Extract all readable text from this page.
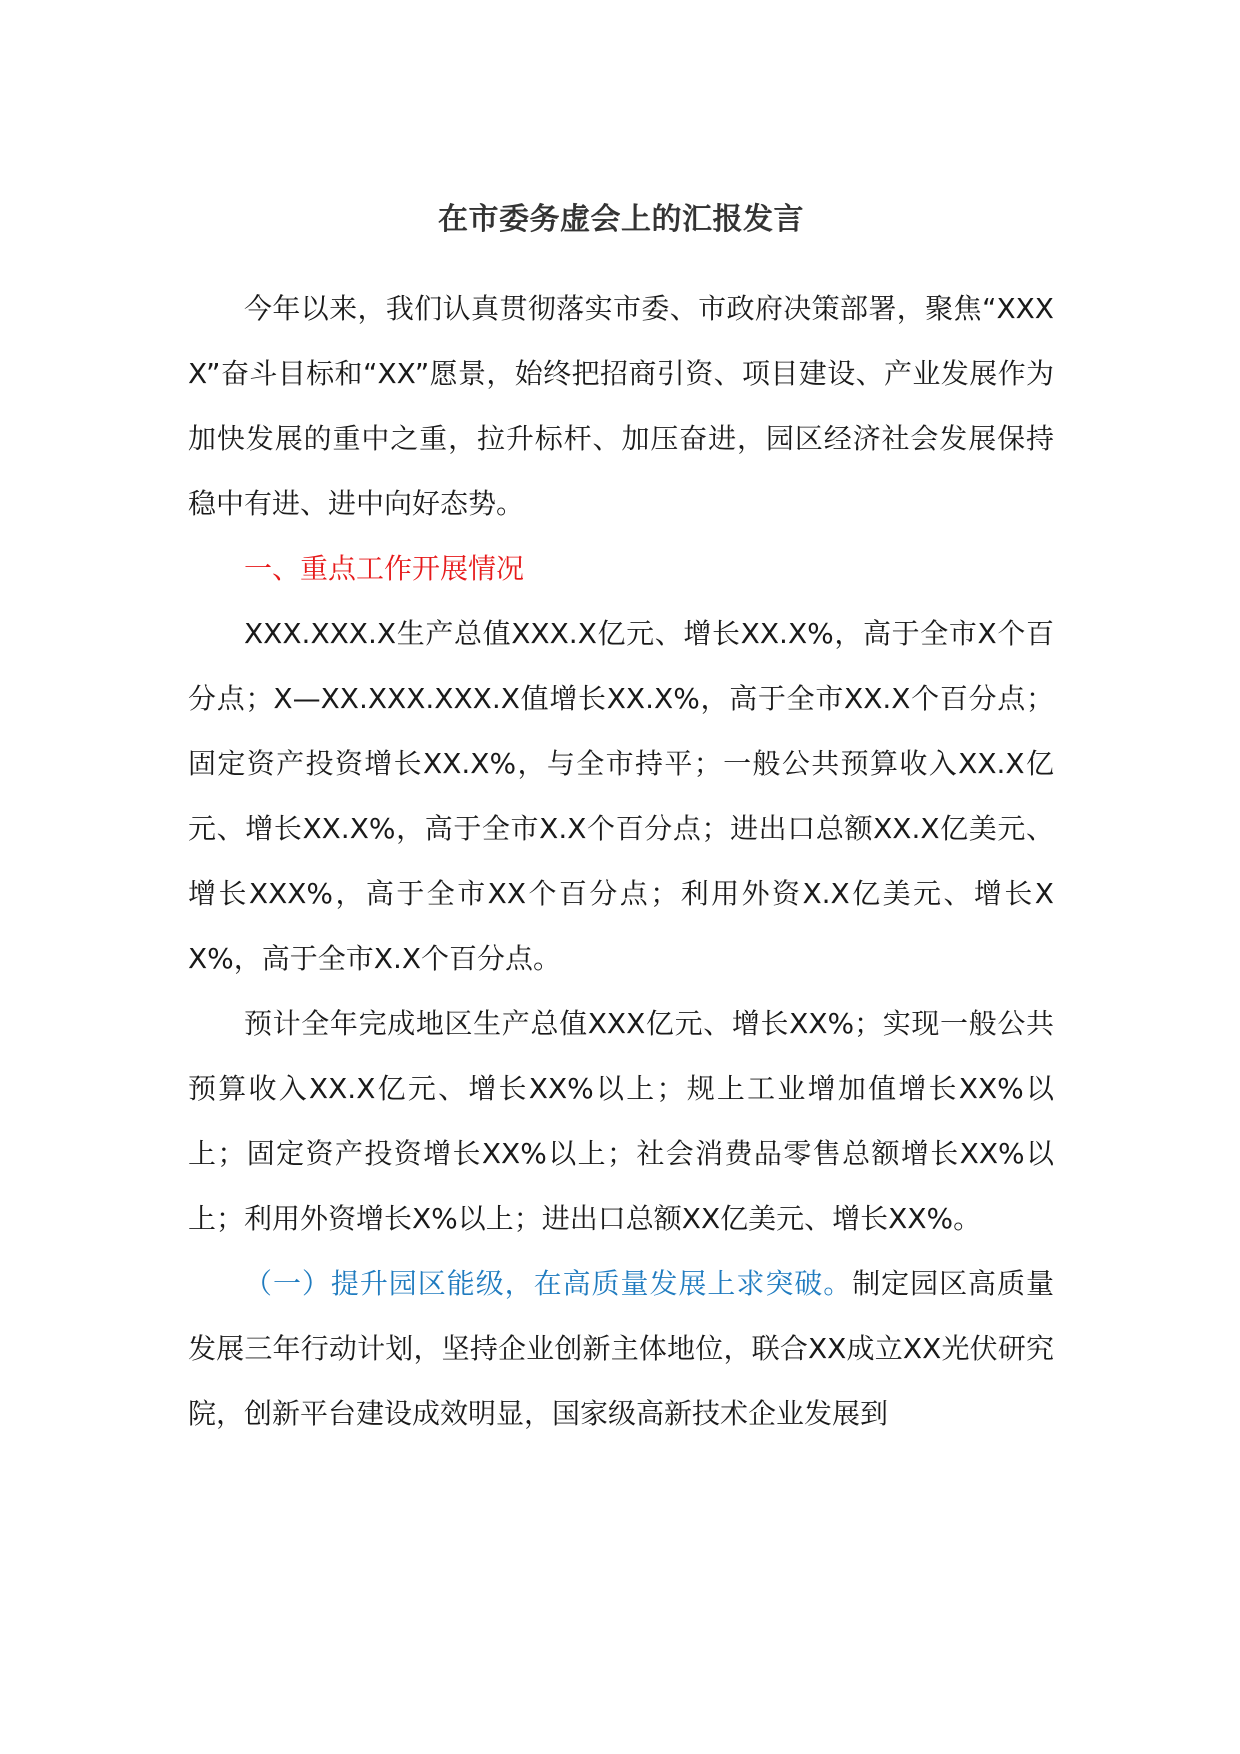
在市委务虚会上的汇报发言

今年以来，我们认真贯彻落实市委、市政府决策部署，聚焦“XXXX”奋斗目标和“XX”愿景，始终把招商引资、项目建设、产业发展作为加快发展的重中之重，拉升标杆、加压奋进，园区经济社会发展保持稳中有进、进中向好态势。

一、重点工作开展情况

XXX.XXX.X生产总值XXX.X亿元、增长XX.X%，高于全市X个百分点；X—XX.XXX.XXX.X值增长XX.X%，高于全市XX.X个百分点；固定资产投资增长XX.X%，与全市持平；一般公共预算收入XX.X亿元、增长XX.X%，高于全市X.X个百分点；进出口总额XX.X亿美元、增长XXX%，高于全市XX个百分点；利用外资X.X亿美元、增长XX%，高于全市X.X个百分点。

预计全年完成地区生产总值XXX亿元、增长XX%；实现一般公共预算收入XX.X亿元、增长XX%以上；规上工业增加值增长XX%以上；固定资产投资增长XX%以上；社会消费品零售总额增长XX%以上；利用外资增长X%以上；进出口总额XX亿美元、增长XX%。

（一）提升园区能级，在高质量发展上求突破。制定园区高质量发展三年行动计划，坚持企业创新主体地位，联合XX成立XX光伏研究院，创新平台建设成效明显，国家级高新技术企业发展到
